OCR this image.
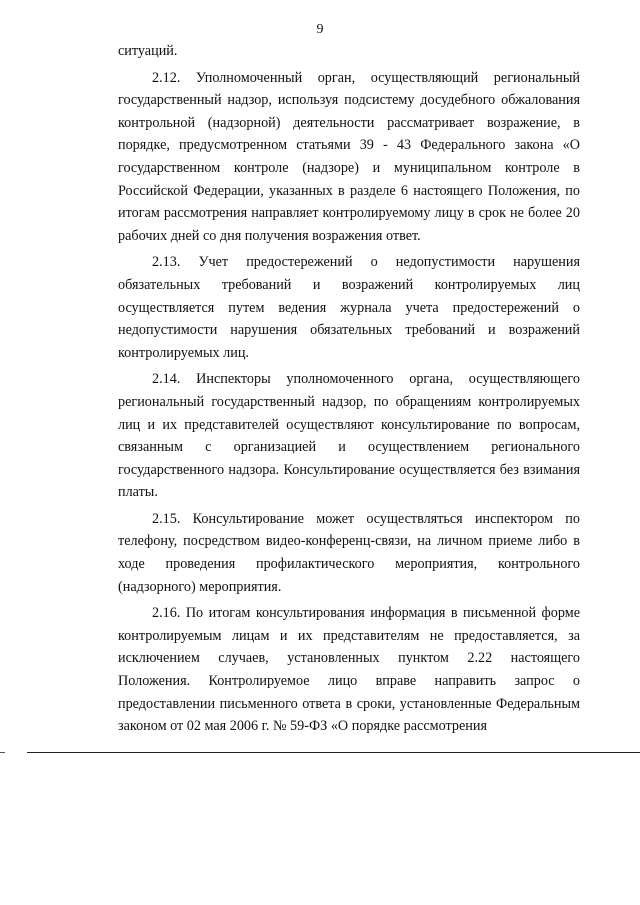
9

ситуаций.

2.12. Уполномоченный орган, осуществляющий региональный государственный надзор, используя подсистему досудебного обжалования контрольной (надзорной) деятельности рассматривает возражение, в порядке, предусмотренном статьями 39 - 43 Федерального закона «О государственном контроле (надзоре) и муниципальном контроле в Российской Федерации, указанных в разделе 6 настоящего Положения, по итогам рассмотрения направляет контролируемому лицу в срок не более 20 рабочих дней со дня получения возражения ответ.

2.13. Учет предостережений о недопустимости нарушения обязательных требований и возражений контролируемых лиц осуществляется путем ведения журнала учета предостережений о недопустимости нарушения обязательных требований и возражений контролируемых лиц.

2.14. Инспекторы уполномоченного органа, осуществляющего региональный государственный надзор, по обращениям контролируемых лиц и их представителей осуществляют консультирование по вопросам, связанным с организацией и осуществлением регионального государственного надзора. Консультирование осуществляется без взимания платы.

2.15. Консультирование может осуществляться инспектором по телефону, посредством видео-конференц-связи, на личном приеме либо в ходе проведения профилактического мероприятия, контрольного (надзорного) мероприятия.

2.16. По итогам консультирования информация в письменной форме контролируемым лицам и их представителям не предоставляется, за исключением случаев, установленных пунктом 2.22 настоящего Положения. Контролируемое лицо вправе направить запрос о предоставлении письменного ответа в сроки, установленные Федеральным законом от 02 мая 2006 г. № 59-ФЗ «О порядке рассмотрения
